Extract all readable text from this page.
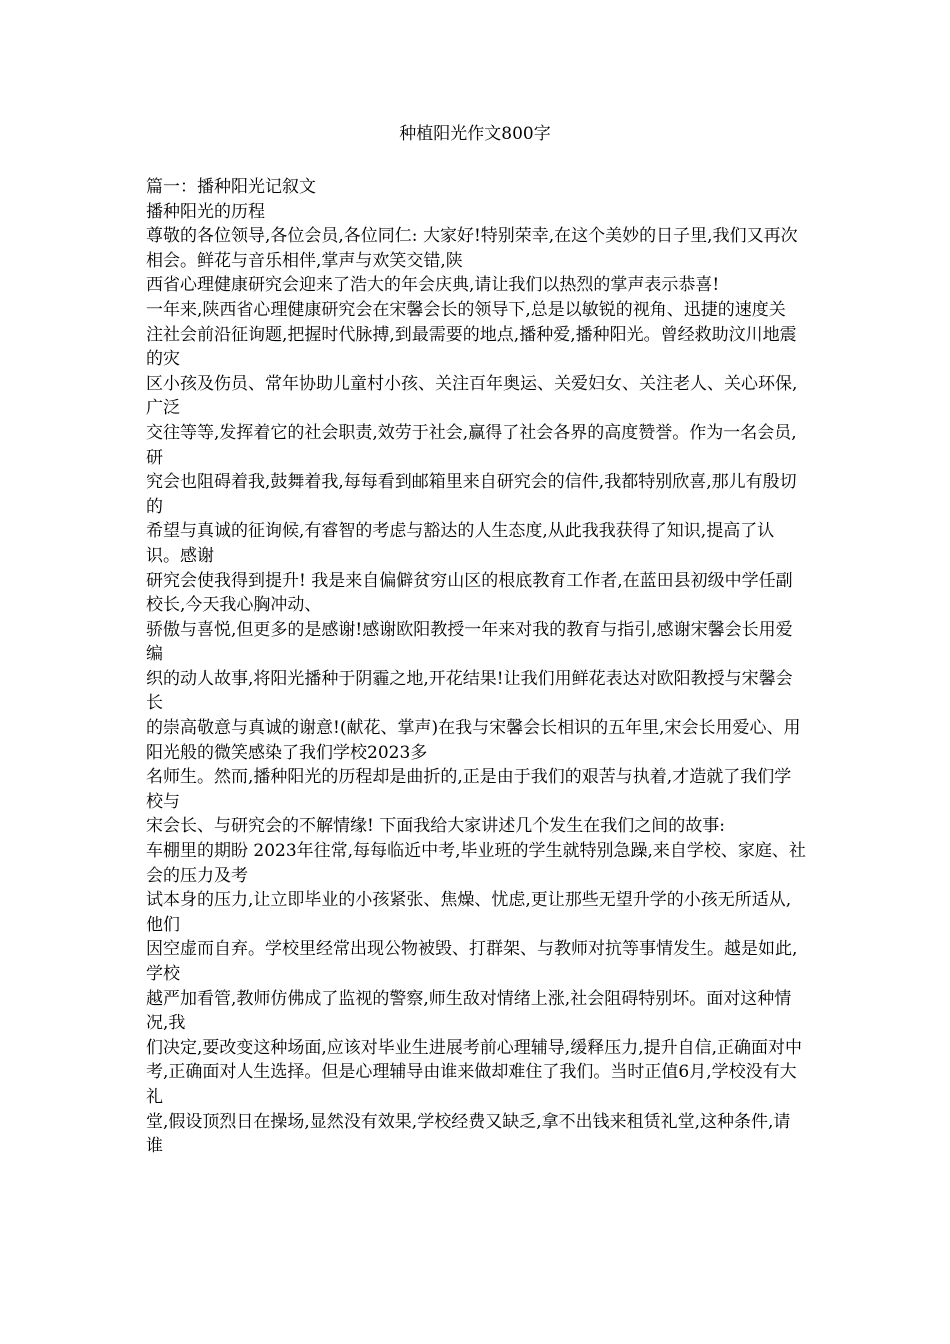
种植阳光作文800字

篇一：播种阳光记叙文

播种阳光的历程

尊敬的各位领导,各位会员,各位同仁: 大家好!特别荣幸,在这个美妙的日子里,我们又再次相会。鲜花与音乐相伴,掌声与欢笑交错,陕

西省心理健康研究会迎来了浩大的年会庆典,请让我们以热烈的掌声表示恭喜!

一年来,陕西省心理健康研究会在宋馨会长的领导下,总是以敏锐的视角、迅捷的速度关

注社会前沿征询题,把握时代脉搏,到最需要的地点,播种爱,播种阳光。曾经救助汶川地震的灾

区小孩及伤员、常年协助儿童村小孩、关注百年奥运、关爱妇女、关注老人、关心环保,广泛

交往等等,发挥着它的社会职责,效劳于社会,赢得了社会各界的高度赞誉。作为一名会员,研

究会也阻碍着我,鼓舞着我,每每看到邮箱里来自研究会的信件,我都特别欣喜,那儿有殷切的

希望与真诚的征询候,有睿智的考虑与豁达的人生态度,从此我我获得了知识,提高了认识。感谢

研究会使我得到提升! 我是来自偏僻贫穷山区的根底教育工作者,在蓝田县初级中学任副校长,今天我心胸冲动、

骄傲与喜悦,但更多的是感谢!感谢欧阳教授一年来对我的教育与指引,感谢宋馨会长用爱编

织的动人故事,将阳光播种于阴霾之地,开花结果!让我们用鲜花表达对欧阳教授与宋馨会长

的崇高敬意与真诚的谢意!(献花、掌声)在我与宋馨会长相识的五年里,宋会长用爱心、用阳光般的微笑感染了我们学校2023多

名师生。然而,播种阳光的历程却是曲折的,正是由于我们的艰苦与执着,才造就了我们学校与

宋会长、与研究会的不解情缘! 下面我给大家讲述几个发生在我们之间的故事:

车棚里的期盼 2023年往常,每每临近中考,毕业班的学生就特别急躁,来自学校、家庭、社会的压力及考

试本身的压力,让立即毕业的小孩紧张、焦燥、忧虑,更让那些无望升学的小孩无所适从,他们

因空虚而自弃。学校里经常出现公物被毁、打群架、与教师对抗等事情发生。越是如此,学校

越严加看管,教师仿佛成了监视的警察,师生敌对情绪上涨,社会阻碍特别坏。面对这种情况,我

们决定,要改变这种场面,应该对毕业生进展考前心理辅导,缓释压力,提升自信,正确面对中

考,正确面对人生选择。但是心理辅导由谁来做却难住了我们。当时正值6月,学校没有大礼

堂,假设顶烈日在操场,显然没有效果,学校经费又缺乏,拿不出钱来租赁礼堂,这种条件,请谁
